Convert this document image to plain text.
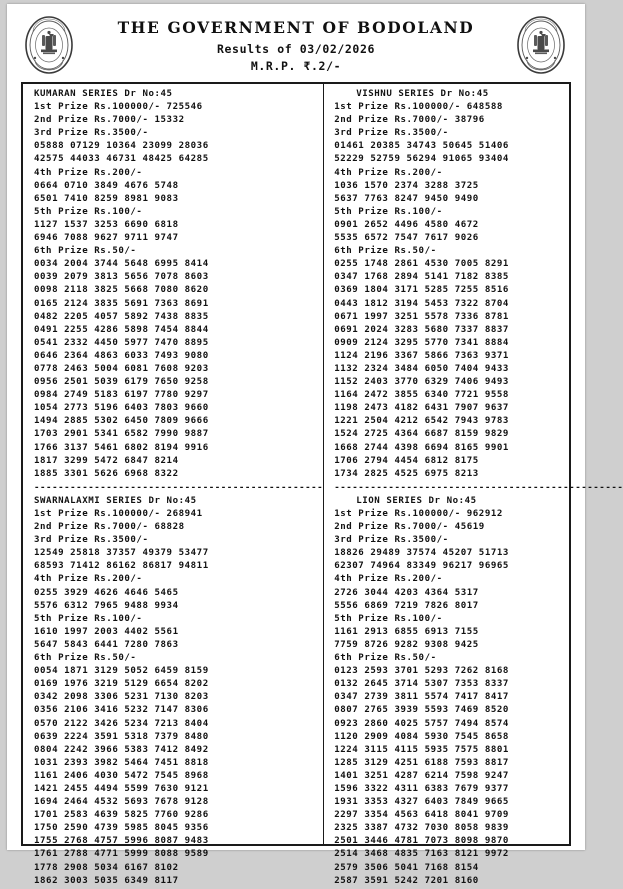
THE GOVERNMENT OF BODOLAND
Results of 03/02/2026
M.R.P. ₹.2/-
KUMARAN SERIES Dr No:45
1st Prize Rs.100000/- 725546
2nd Prize Rs.7000/- 15332
3rd Prize Rs.3500/-
05888 07129 10364 23099 28036
42575 44033 46731 48425 64285
4th Prize Rs.200/-
0664 0710 3849 4676 5748
6501 7410 8259 8981 9083
5th Prize Rs.100/-
1127 1537 3253 6690 6818
6946 7088 9627 9711 9747
6th Prize Rs.50/-
0034 2004 3744 5648 6995 8414
0039 2079 3813 5656 7078 8603
0098 2118 3825 5668 7080 8620
0165 2124 3835 5691 7363 8691
0482 2205 4057 5892 7438 8835
0491 2255 4286 5898 7454 8844
0541 2332 4450 5977 7470 8895
0646 2364 4863 6033 7493 9080
0778 2463 5004 6081 7608 9203
0956 2501 5039 6179 7650 9258
0984 2749 5183 6197 7780 9297
1054 2773 5196 6403 7803 9660
1494 2885 5302 6450 7809 9666
1703 2901 5341 6582 7990 9887
1766 3137 5461 6802 8194 9916
1817 3299 5472 6847 8214
1885 3301 5626 6968 8322
------------------------------------------------
SWARNALAXMI SERIES Dr No:45
1st Prize Rs.100000/- 268941
2nd Prize Rs.7000/- 68828
3rd Prize Rs.3500/-
12549 25818 37357 49379 53477
68593 71412 86162 86817 94811
4th Prize Rs.200/-
0255 3929 4626 4646 5465
5576 6312 7965 9488 9934
5th Prize Rs.100/-
1610 1997 2003 4402 5561
5647 5843 6441 7280 7863
6th Prize Rs.50/-
0054 1871 3129 5052 6459 8159
0169 1976 3219 5129 6654 8202
0342 2098 3306 5231 7130 8203
0356 2106 3416 5232 7147 8306
0570 2122 3426 5234 7213 8404
0639 2224 3591 5318 7379 8480
0804 2242 3966 5383 7412 8492
1031 2393 3982 5464 7451 8818
1161 2406 4030 5472 7545 8968
1421 2455 4494 5599 7630 9121
1694 2464 4532 5693 7678 9128
1701 2583 4639 5825 7760 9286
1750 2590 4739 5985 8045 9356
1755 2768 4757 5996 8087 9483
1761 2788 4771 5999 8088 9589
1778 2908 5034 6167 8102
1862 3003 5035 6349 8117
VISHNU SERIES Dr No:45
1st Prize Rs.100000/- 648588
2nd Prize Rs.7000/- 38796
3rd Prize Rs.3500/-
01461 20385 34743 50645 51406
52229 52759 56294 91065 93404
4th Prize Rs.200/-
1036 1570 2374 3288 3725
5637 7763 8247 9450 9490
5th Prize Rs.100/-
0901 2652 4496 4580 4672
5535 6572 7547 7617 9026
6th Prize Rs.50/-
0255 1748 2861 4530 7005 8291
0347 1768 2894 5141 7182 8385
0369 1804 3171 5285 7255 8516
0443 1812 3194 5453 7322 8704
0671 1997 3251 5578 7336 8781
0691 2024 3283 5680 7337 8837
0909 2124 3295 5770 7341 8884
1124 2196 3367 5866 7363 9371
1132 2324 3484 6050 7404 9433
1152 2403 3770 6329 7406 9493
1164 2472 3855 6340 7721 9558
1198 2473 4182 6431 7907 9637
1221 2504 4212 6542 7943 9783
1524 2725 4364 6687 8159 9829
1668 2744 4398 6694 8165 9901
1706 2794 4454 6812 8175
1734 2825 4525 6975 8213
------------------------------------------------
LION SERIES Dr No:45
1st Prize Rs.100000/- 962912
2nd Prize Rs.7000/- 45619
3rd Prize Rs.3500/-
18826 29489 37574 45207 51713
62307 74964 83349 96217 96965
4th Prize Rs.200/-
2726 3044 4203 4364 5317
5556 6869 7219 7826 8017
5th Prize Rs.100/-
1161 2913 6855 6913 7155
7759 8726 9282 9308 9425
6th Prize Rs.50/-
0123 2593 3701 5293 7262 8168
0132 2645 3714 5307 7353 8337
0347 2739 3811 5574 7417 8417
0807 2765 3939 5593 7469 8520
0923 2860 4025 5757 7494 8574
1120 2909 4084 5930 7545 8658
1224 3115 4115 5935 7575 8801
1285 3129 4251 6188 7593 8817
1401 3251 4287 6214 7598 9247
1596 3322 4311 6383 7679 9377
1931 3353 4327 6403 7849 9665
2297 3354 4563 6418 8041 9709
2325 3387 4732 7030 8058 9839
2501 3446 4781 7073 8098 9870
2514 3468 4835 7163 8121 9972
2579 3506 5041 7168 8154
2587 3591 5242 7201 8160
